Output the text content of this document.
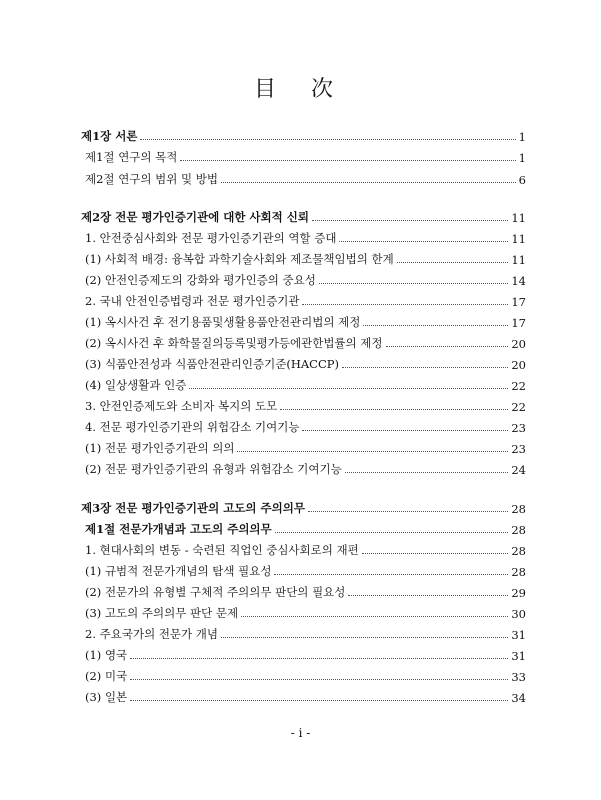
目 次
제1장 서론	1
제1절 연구의 목적	1
제2절 연구의 범위 및 방법	6
제2장 전문 평가인증기관에 대한 사회적 신뢰	11
1. 안전중심사회와 전문 평가인증기관의 역할 증대	11
(1) 사회적 배경: 융복합 과학기술사회와 제조물책임법의 한계	11
(2) 안전인증제도의 강화와 평가인증의 중요성	14
2. 국내 안전인증법령과 전문 평가인증기관	17
(1) 옥시사건 후 전기용품및생활용품안전관리법의 제정	17
(2) 옥시사건 후 화학물질의등록및평가등에관한법률의 제정	20
(3) 식품안전성과 식품안전관리인증기준(HACCP)	20
(4) 일상생활과 인증	22
3. 안전인증제도와 소비자 복지의 도모	22
4. 전문 평가인증기관의 위험감소 기여기능	23
(1) 전문 평가인증기관의 의의	23
(2) 전문 평가인증기관의 유형과 위험감소 기여기능	24
제3장 전문 평가인증기관의 고도의 주의의무	28
제1절 전문가개념과 고도의 주의의무	28
1. 현대사회의 변동 - 숙련된 직업인 중심사회로의 재편	28
(1) 규범적 전문가개념의 탐색 필요성	28
(2) 전문가의 유형별 구체적 주의의무 판단의 필요성	29
(3) 고도의 주의의무 판단 문제	30
2. 주요국가의 전문가 개념	31
(1) 영국	31
(2) 미국	33
(3) 일본	34
- i -
